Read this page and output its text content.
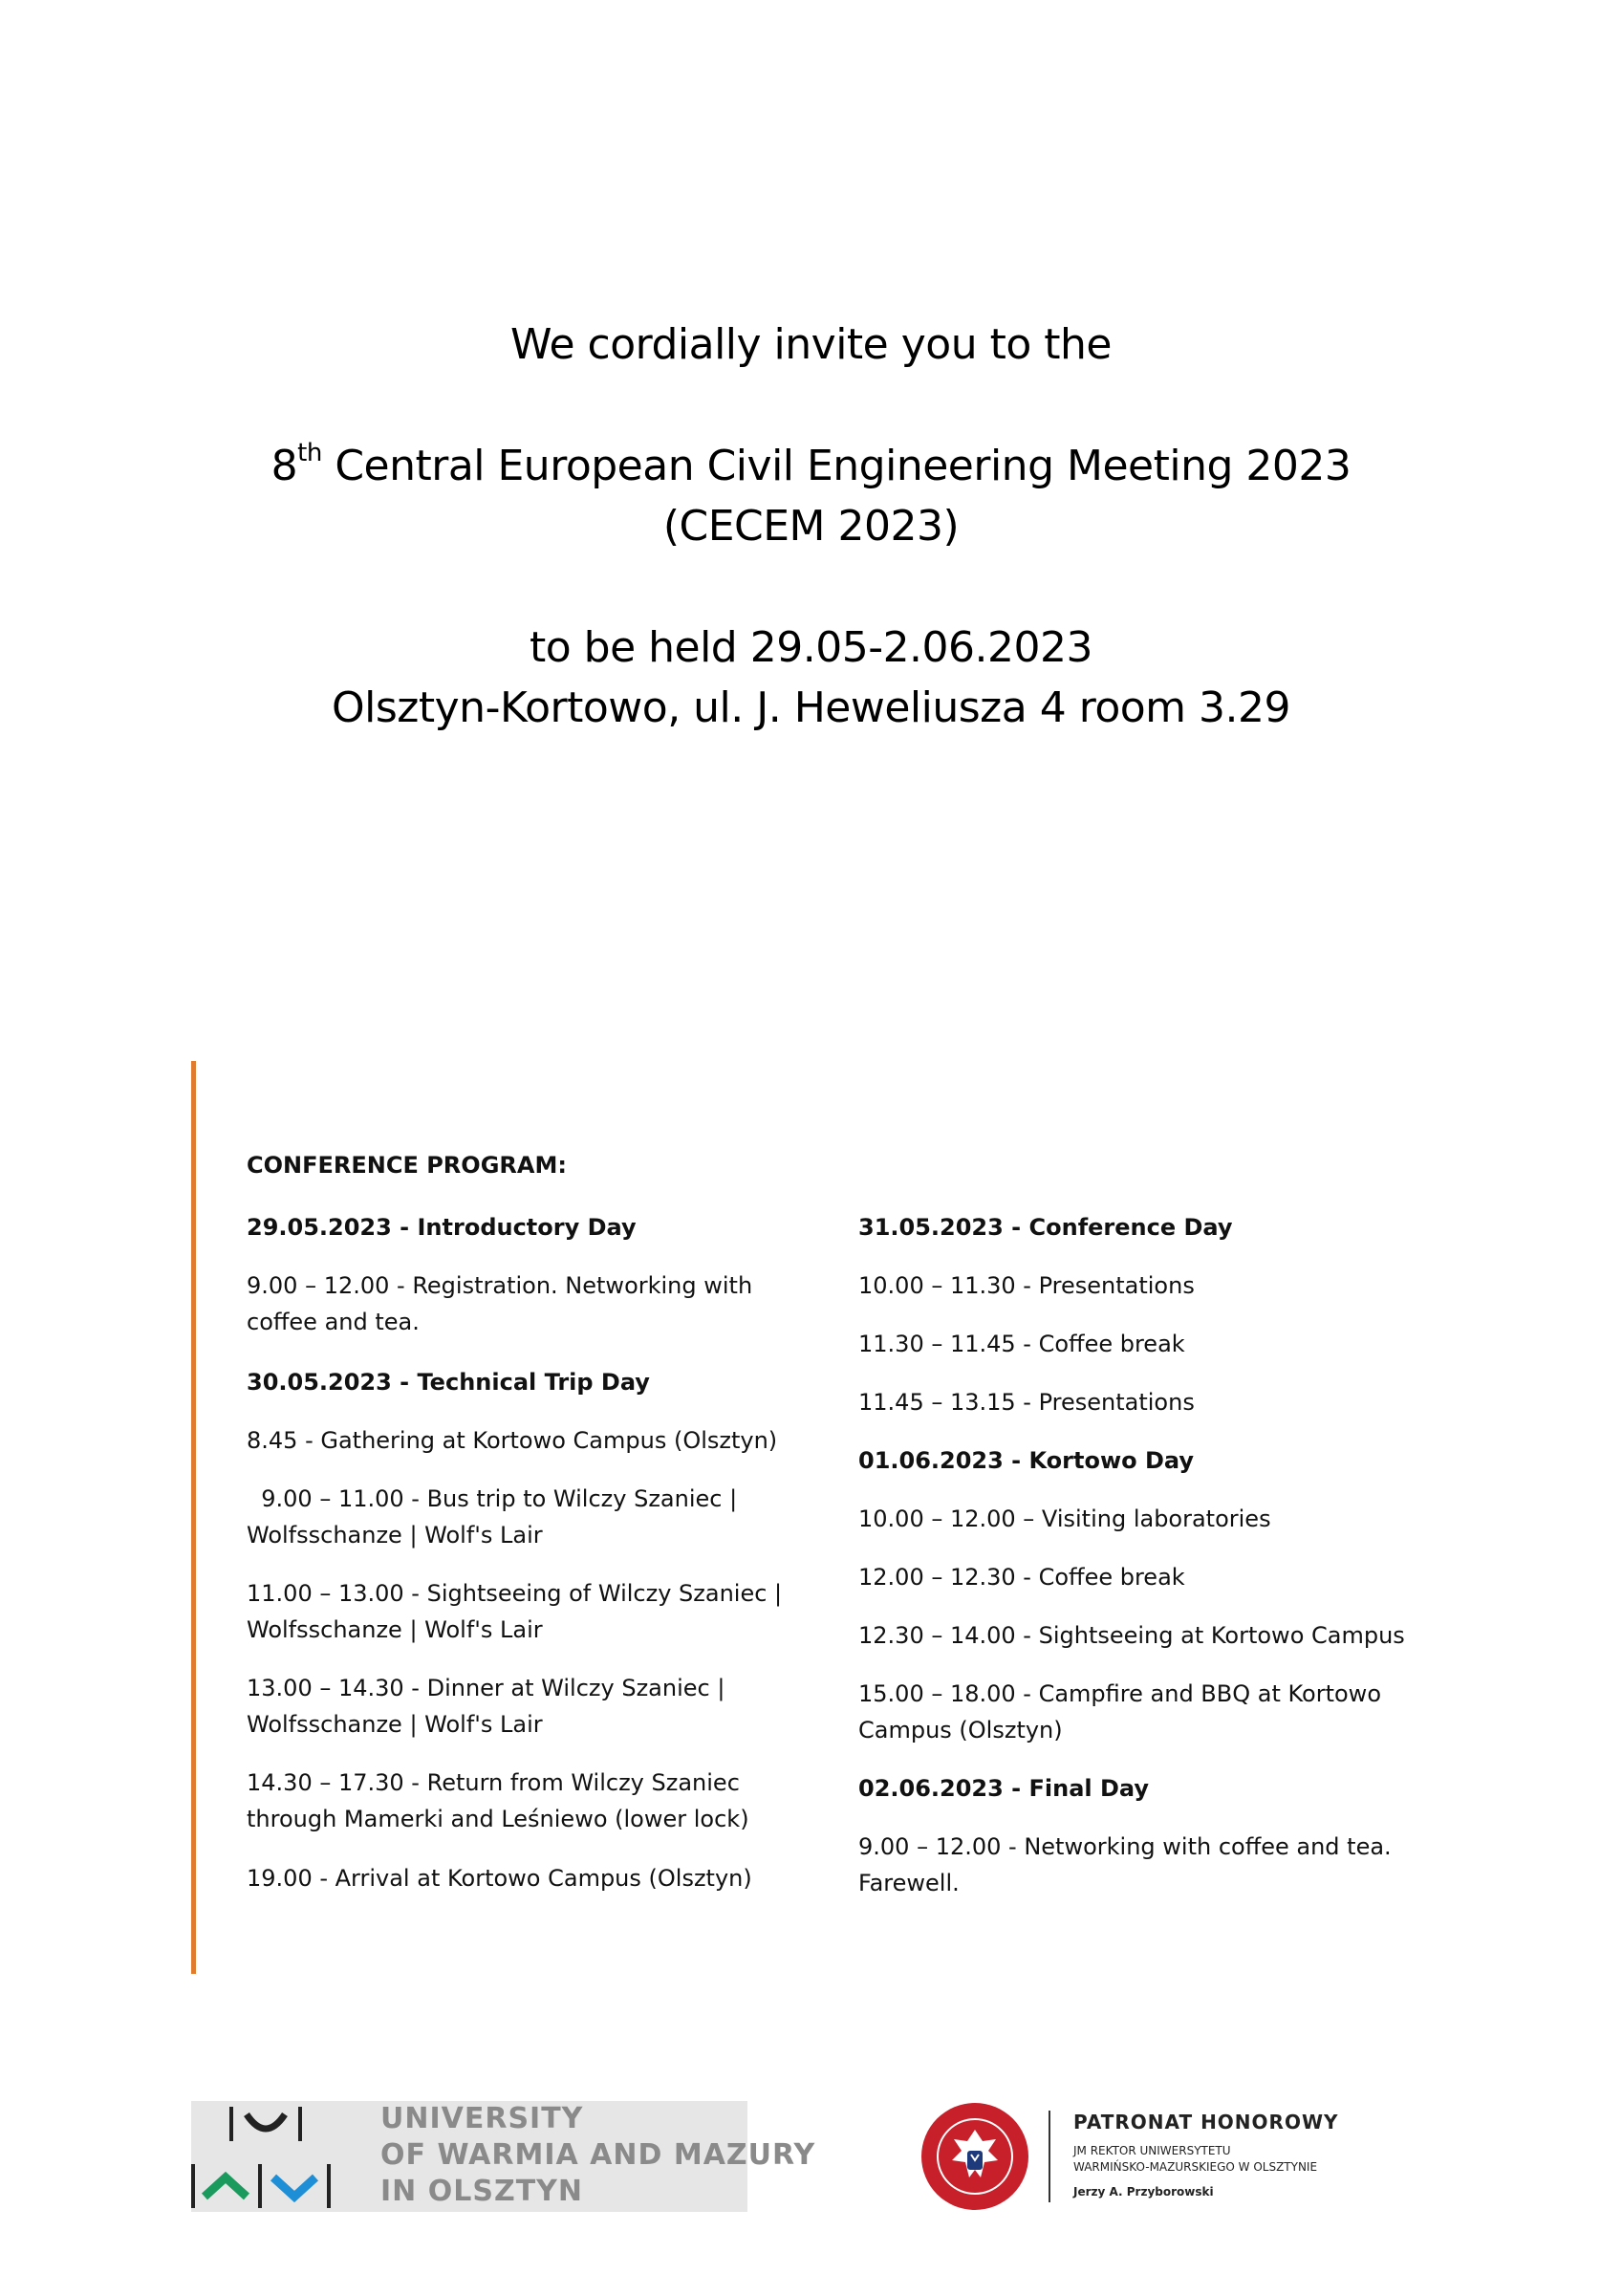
We cordially invite you to the
8th Central European Civil Engineering Meeting 2023
(CECEM 2023)
to be held 29.05-2.06.2023
Olsztyn-Kortowo, ul. J. Heweliusza 4 room 3.29
CONFERENCE PROGRAM:
29.05.2023 - Introductory Day
9.00 – 12.00 - Registration. Networking with coffee and tea.
30.05.2023 - Technical Trip Day
8.45 - Gathering at Kortowo Campus (Olsztyn)
9.00 – 11.00 - Bus trip to Wilczy Szaniec | Wolfsschanze | Wolf's Lair
11.00 – 13.00 - Sightseeing of Wilczy Szaniec | Wolfsschanze | Wolf's Lair
13.00 – 14.30 - Dinner at Wilczy Szaniec | Wolfsschanze | Wolf's Lair
14.30 – 17.30 - Return from Wilczy Szaniec through Mamerki and Leśniewo (lower lock)
19.00 - Arrival at Kortowo Campus (Olsztyn)
31.05.2023 - Conference Day
10.00 – 11.30 - Presentations
11.30 – 11.45 - Coffee break
11.45 – 13.15 - Presentations
01.06.2023 - Kortowo Day
10.00 – 12.00 – Visiting laboratories
12.00 – 12.30 - Coffee break
12.30 – 14.00 - Sightseeing at Kortowo Campus
15.00 – 18.00 - Campfire and BBQ at Kortowo Campus (Olsztyn)
02.06.2023 - Final Day
9.00 – 12.00 - Networking with coffee and tea. Farewell.
UNIVERSITY
OF WARMIA AND MAZURY
IN OLSZTYN
PATRONAT HONOROWY
JM REKTOR UNIWERSYTETU
WARMIŃSKO-MAZURSKIEGO W OLSZTYNIE
Jerzy A. Przyborowski
